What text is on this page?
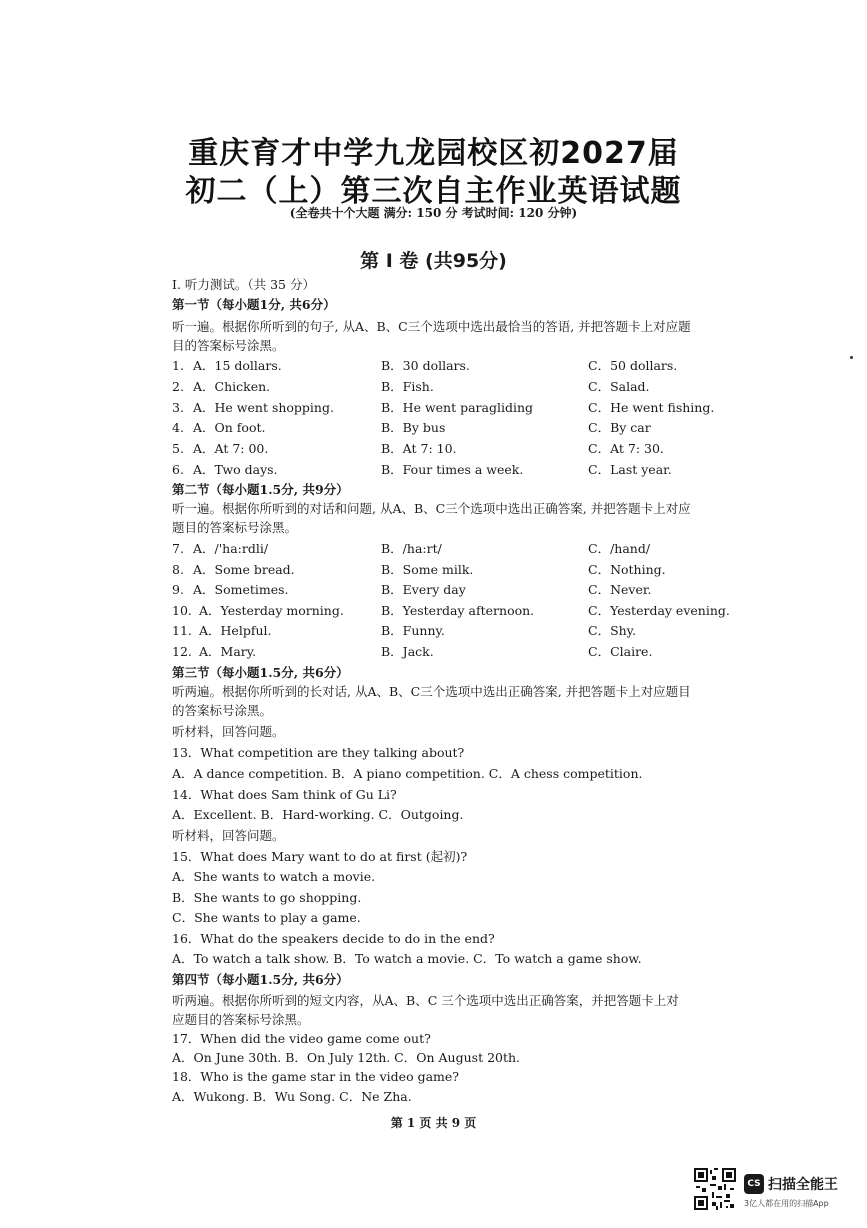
重庆育才中学九龙园校区初2027届
初二（上）第三次自主作业英语试题
(全卷共十个大题 满分: 150 分 考试时间: 120 分钟)
第 I 卷 (共95分)
I. 听力测试。（共 35 分）
第一节（每小题1分, 共6分）
听一遍。根据你所听到的句子, 从A、B、C三个选项中选出最恰当的答语, 并把答题卡上对应题
目的答案标号涂黑。
1. A．15 dollars.	B．30 dollars.	C．50 dollars.
2. A．Chicken.	B．Fish.	C．Salad.
3. A．He went shopping.	B．He went paragliding	C．He went fishing.
4. A．On foot.	B．By bus	C．By car
5. A．At 7: 00.	B．At 7: 10.	C．At 7: 30.
6. A．Two days.	B．Four times a week.	C．Last year.
第二节（每小题1.5分, 共9分）
听一遍。根据你所听到的对话和问题, 从A、B、C三个选项中选出正确答案, 并把答题卡上对应
题目的答案标号涂黑。
7. A．/'ha:rdli/	B．/ha:rt/	C．/hand/
8. A．Some bread.	B．Some milk.	C．Nothing.
9. A．Sometimes.	B．Every day	C．Never.
10. A．Yesterday morning.	B．Yesterday afternoon.	C．Yesterday evening.
11. A．Helpful.	B．Funny.	C．Shy.
12. A．Mary.	B．Jack.	C．Claire.
第三节（每小题1.5分, 共6分）
听两遍。根据你所听到的长对话, 从A、B、C三个选项中选出正确答案, 并把答题卡上对应题目
的答案标号涂黑。
听材料，回答问题。
13．What competition are they talking about?
A．A dance competition. B．A piano competition. C．A chess competition.
14．What does Sam think of Gu Li?
A．Excellent. B．Hard-working. C．Outgoing.
听材料，回答问题。
15．What does Mary want to do at first (起初)?
A．She wants to watch a movie.
B．She wants to go shopping.
C．She wants to play a game.
16．What do the speakers decide to do in the end?
A．To watch a talk show. B．To watch a movie. C．To watch a game show.
第四节（每小题1.5分, 共6分）
听两遍。根据你所听到的短文内容，从A、B、C 三个选项中选出正确答案，并把答题卡上对
应题目的答案标号涂黑。
17．When did the video game come out?
A．On June 30th. B．On July 12th. C．On August 20th.
18．Who is the game star in the video game?
A．Wukong. B．Wu Song. C．Ne Zha.
第 1 页 共 9 页
CS 扫描全能王
3亿人都在用的扫描App
